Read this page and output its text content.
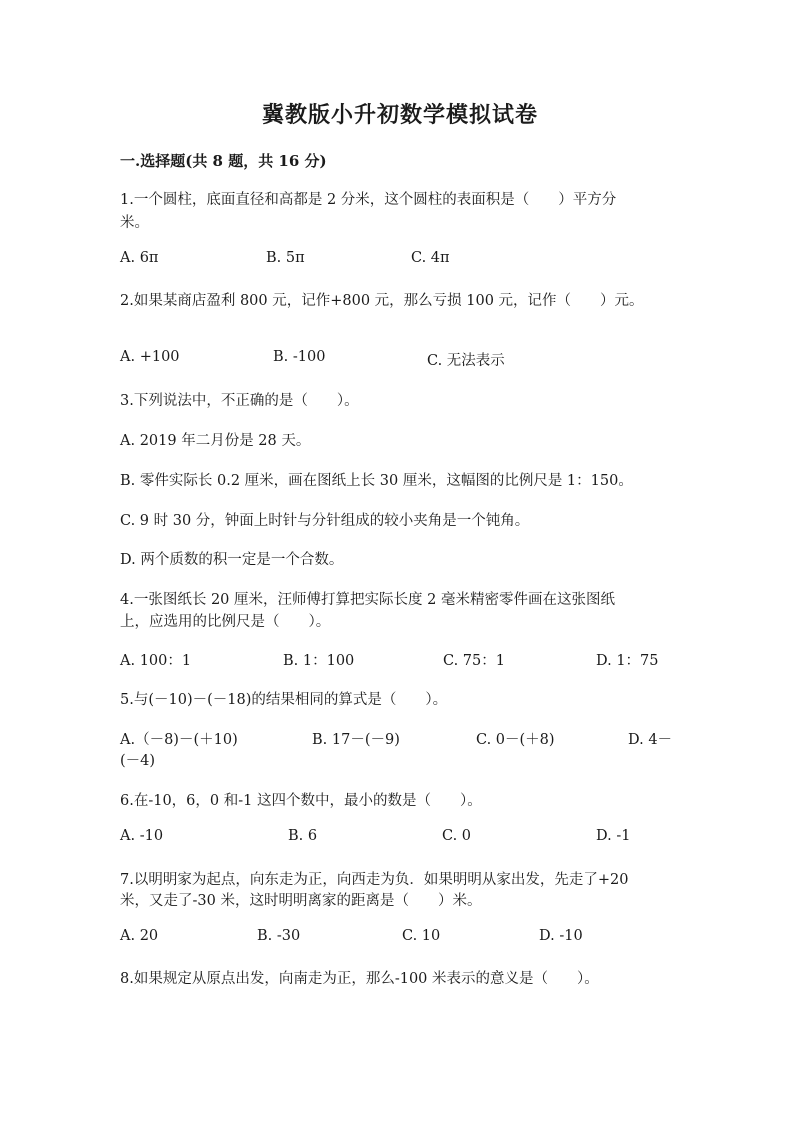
冀教版小升初数学模拟试卷
一.选择题(共 8 题，共 16 分)
1.一个圆柱，底面直径和高都是 2 分米，这个圆柱的表面积是（　　）平方分
米。
A. 6π	B. 5π	C. 4π
2.如果某商店盈利 800 元，记作+800 元，那么亏损 100 元，记作（　　）元。
A. +100	B. -100	C. 无法表示
3.下列说法中，不正确的是（　　）。
A. 2019 年二月份是 28 天。
B. 零件实际长 0.2 厘米，画在图纸上长 30 厘米，这幅图的比例尺是 1：150。
C. 9 时 30 分，钟面上时针与分针组成的较小夹角是一个钝角。
D. 两个质数的积一定是一个合数。
4.一张图纸长 20 厘米，汪师傅打算把实际长度 2 毫米精密零件画在这张图纸
上，应选用的比例尺是（　　）。
A. 100：1	B. 1：100	C. 75：1	D. 1：75
5.与(－10)－(－18)的结果相同的算式是（　　）。
A.（－8)－(＋10)	B. 17－(－9)	C. 0－(＋8)	D. 4－
(－4)
6.在-10，6，0 和-1 这四个数中，最小的数是（　　）。
A. -10	B. 6	C. 0	D. -1
7.以明明家为起点，向东走为正，向西走为负．如果明明从家出发，先走了+20
米，又走了-30 米，这时明明离家的距离是（　　）米。
A. 20	B. -30	C. 10	D. -10
8.如果规定从原点出发，向南走为正，那么-100 米表示的意义是（　　）。
